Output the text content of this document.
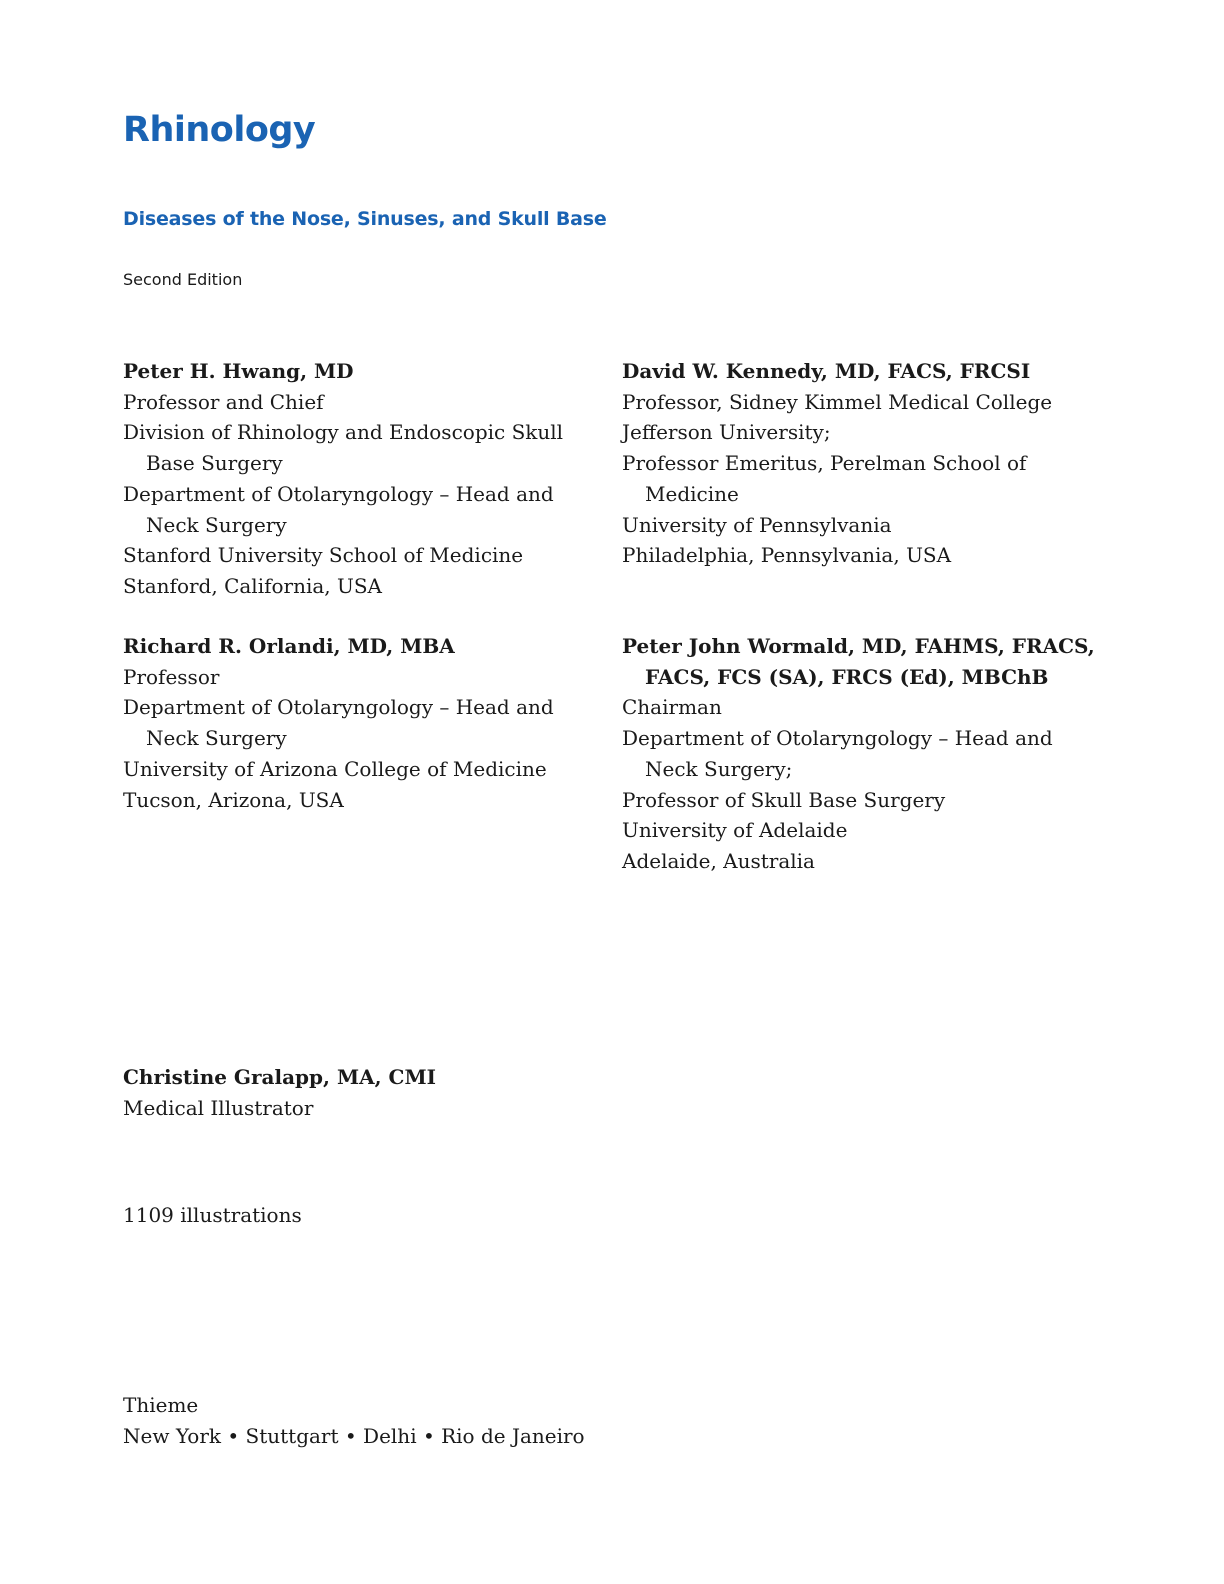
Rhinology
Diseases of the Nose, Sinuses, and Skull Base

Second Edition

Peter H. Hwang, MD
Professor and Chief
Division of Rhinology and Endoscopic Skull Base Surgery
Department of Otolaryngology – Head and Neck Surgery
Stanford University School of Medicine
Stanford, California, USA
David W. Kennedy, MD, FACS, FRCSI
Professor, Sidney Kimmel Medical College
Jefferson University;
Professor Emeritus, Perelman School of Medicine
University of Pennsylvania
Philadelphia, Pennsylvania, USA
Richard R. Orlandi, MD, MBA
Professor
Department of Otolaryngology – Head and Neck Surgery
University of Arizona College of Medicine
Tucson, Arizona, USA
Peter John Wormald, MD, FAHMS, FRACS, FACS, FCS (SA), FRCS (Ed), MBChB
Chairman
Department of Otolaryngology – Head and Neck Surgery;
Professor of Skull Base Surgery
University of Adelaide
Adelaide, Australia
Christine Gralapp, MA, CMI
Medical Illustrator
1109 illustrations
Thieme
New York • Stuttgart • Delhi • Rio de Janeiro
